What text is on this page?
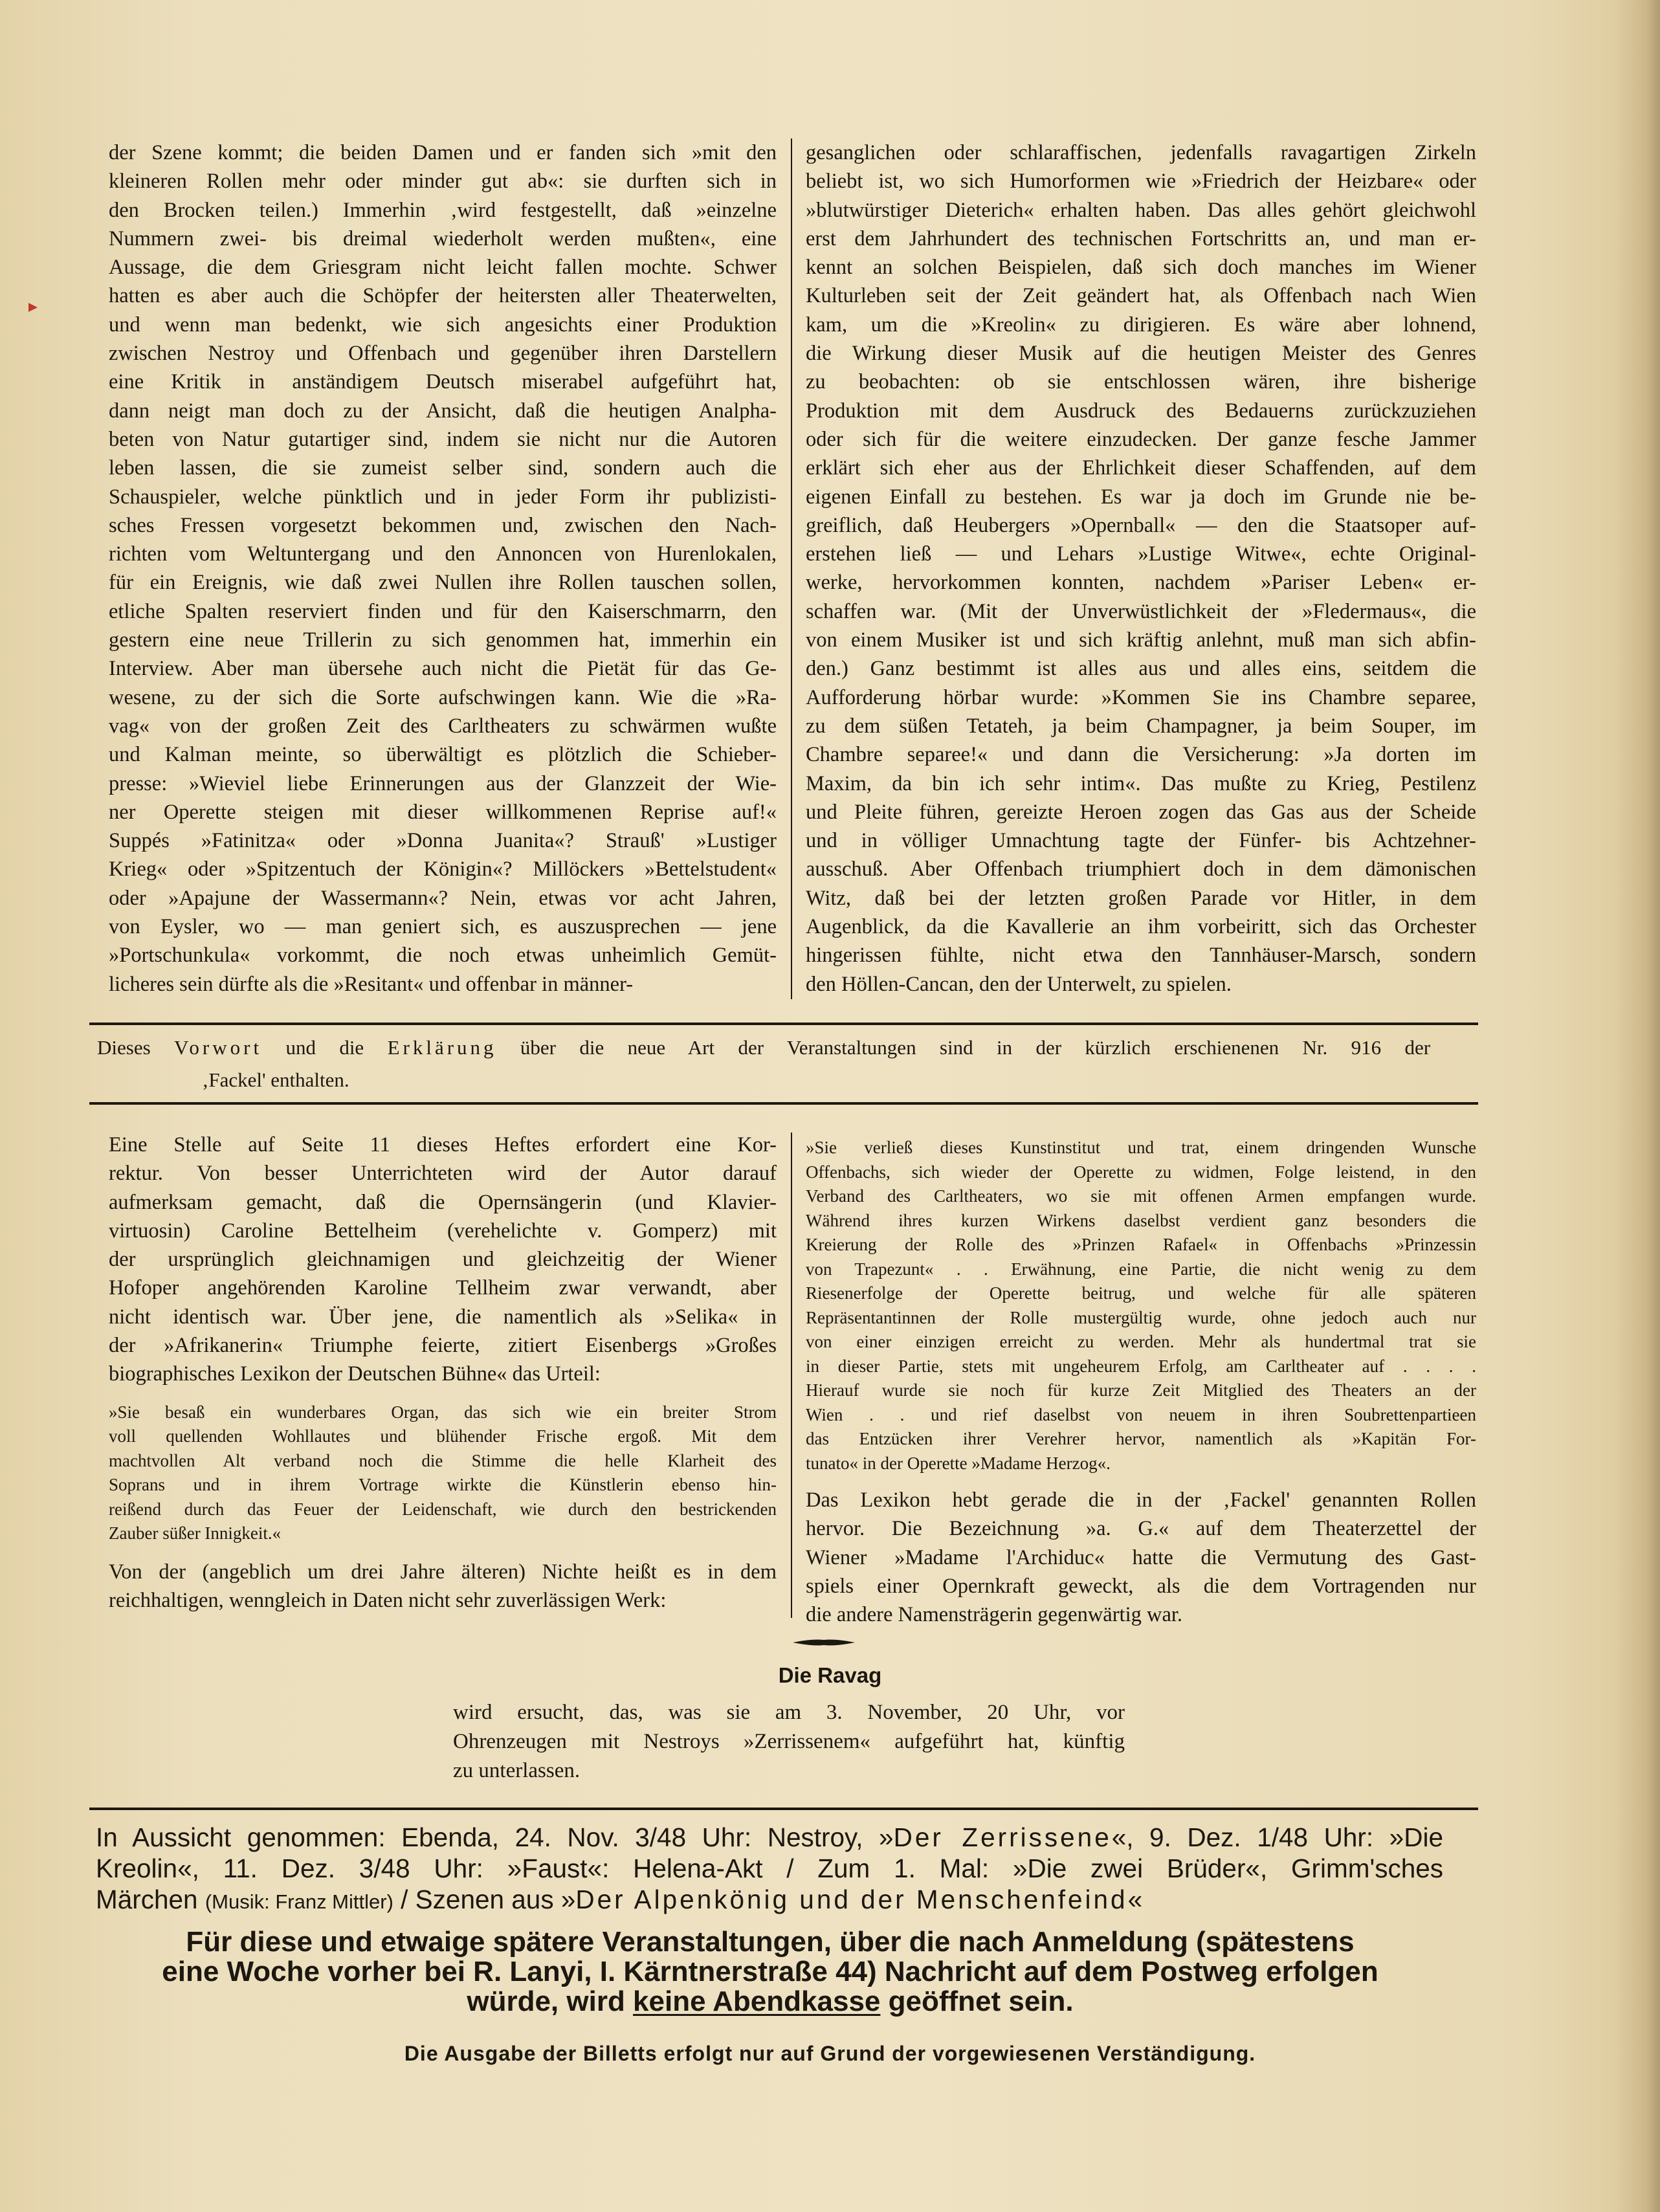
der Szene kommt; die beiden Damen und er fanden sich »mit den
kleineren Rollen mehr oder minder gut ab«: sie durften sich in
den Brocken teilen.) Immerhin ‚wird festgestellt, daß »einzelne
Nummern zwei- bis dreimal wiederholt werden mußten«, eine
Aussage, die dem Griesgram nicht leicht fallen mochte. Schwer
hatten es aber auch die Schöpfer der heitersten aller Theaterwelten,
und wenn man bedenkt, wie sich angesichts einer Produktion
zwischen Nestroy und Offenbach und gegenüber ihren Darstellern
eine Kritik in anständigem Deutsch miserabel aufgeführt hat,
dann neigt man doch zu der Ansicht, daß die heutigen Analpha-
beten von Natur gutartiger sind, indem sie nicht nur die Autoren
leben lassen, die sie zumeist selber sind, sondern auch die
Schauspieler, welche pünktlich und in jeder Form ihr publizisti-
sches Fressen vorgesetzt bekommen und, zwischen den Nach-
richten vom Weltuntergang und den Annoncen von Hurenlokalen,
für ein Ereignis, wie daß zwei Nullen ihre Rollen tauschen sollen,
etliche Spalten reserviert finden und für den Kaiserschmarrn, den
gestern eine neue Trillerin zu sich genommen hat, immerhin ein
Interview. Aber man übersehe auch nicht die Pietät für das Ge-
wesene, zu der sich die Sorte aufschwingen kann. Wie die »Ra-
vag« von der großen Zeit des Carltheaters zu schwärmen wußte
und Kalman meinte, so überwältigt es plötzlich die Schieber-
presse: »Wieviel liebe Erinnerungen aus der Glanzzeit der Wie-
ner Operette steigen mit dieser willkommenen Reprise auf!«
Suppés »Fatinitza« oder »Donna Juanita«? Strauß' »Lustiger
Krieg« oder »Spitzentuch der Königin«? Millöckers »Bettelstudent«
oder »Apajune der Wassermann«? Nein, etwas vor acht Jahren,
von Eysler, wo — man geniert sich, es auszusprechen — jene
»Portschunkula« vorkommt, die noch etwas unheimlich Gemüt-
licheres sein dürfte als die »Resitant« und offenbar in männer-
gesanglichen oder schlaraffischen, jedenfalls ravagartigen Zirkeln
beliebt ist, wo sich Humorformen wie »Friedrich der Heizbare« oder
»blutwürstiger Dieterich« erhalten haben. Das alles gehört gleichwohl
erst dem Jahrhundert des technischen Fortschritts an, und man er-
kennt an solchen Beispielen, daß sich doch manches im Wiener
Kulturleben seit der Zeit geändert hat, als Offenbach nach Wien
kam, um die »Kreolin« zu dirigieren. Es wäre aber lohnend,
die Wirkung dieser Musik auf die heutigen Meister des Genres
zu beobachten: ob sie entschlossen wären, ihre bisherige
Produktion mit dem Ausdruck des Bedauerns zurückzuziehen
oder sich für die weitere einzudecken. Der ganze fesche Jammer
erklärt sich eher aus der Ehrlichkeit dieser Schaffenden, auf dem
eigenen Einfall zu bestehen. Es war ja doch im Grunde nie be-
greiflich, daß Heubergers »Opernball« — den die Staatsoper auf-
erstehen ließ — und Lehars »Lustige Witwe«, echte Original-
werke, hervorkommen konnten, nachdem »Pariser Leben« er-
schaffen war. (Mit der Unverwüstlichkeit der »Fledermaus«, die
von einem Musiker ist und sich kräftig anlehnt, muß man sich abfin-
den.) Ganz bestimmt ist alles aus und alles eins, seitdem die
Aufforderung hörbar wurde: »Kommen Sie ins Chambre separee,
zu dem süßen Tetateh, ja beim Champagner, ja beim Souper, im
Chambre separee!« und dann die Versicherung: »Ja dorten im
Maxim, da bin ich sehr intim«. Das mußte zu Krieg, Pestilenz
und Pleite führen, gereizte Heroen zogen das Gas aus der Scheide
und in völliger Umnachtung tagte der Fünfer- bis Achtzehner-
ausschuß. Aber Offenbach triumphiert doch in dem dämonischen
Witz, daß bei der letzten großen Parade vor Hitler, in dem
Augenblick, da die Kavallerie an ihm vorbeiritt, sich das Orchester
hingerissen fühlte, nicht etwa den Tannhäuser-Marsch, sondern
den Höllen-Cancan, den der Unterwelt, zu spielen.
Dieses Vorwort und die Erklärung über die neue Art der Veranstaltungen sind in der kürzlich erschienenen Nr. 916 der
‚Fackel' enthalten.
Eine Stelle auf Seite 11 dieses Heftes erfordert eine Kor-
rektur. Von besser Unterrichteten wird der Autor darauf
aufmerksam gemacht, daß die Opernsängerin (und Klavier-
virtuosin) Caroline Bettelheim (verehelichte v. Gomperz) mit
der ursprünglich gleichnamigen und gleichzeitig der Wiener
Hofoper angehörenden Karoline Tellheim zwar verwandt, aber
nicht identisch war. Über jene, die namentlich als »Selika« in
der »Afrikanerin« Triumphe feierte, zitiert Eisenbergs »Großes
biographisches Lexikon der Deutschen Bühne« das Urteil:
»Sie besaß ein wunderbares Organ, das sich wie ein breiter Strom
voll quellenden Wohllautes und blühender Frische ergoß. Mit dem
machtvollen Alt verband noch die Stimme die helle Klarheit des
Soprans und in ihrem Vortrage wirkte die Künstlerin ebenso hin-
reißend durch das Feuer der Leidenschaft, wie durch den bestrickenden
Zauber süßer Innigkeit.«
Von der (angeblich um drei Jahre älteren) Nichte heißt es in dem
reichhaltigen, wenngleich in Daten nicht sehr zuverlässigen Werk:
»Sie verließ dieses Kunstinstitut und trat, einem dringenden Wunsche
Offenbachs, sich wieder der Operette zu widmen, Folge leistend, in den
Verband des Carltheaters, wo sie mit offenen Armen empfangen wurde.
Während ihres kurzen Wirkens daselbst verdient ganz besonders die
Kreierung der Rolle des »Prinzen Rafael« in Offenbachs »Prinzessin
von Trapezunt« . . Erwähnung, eine Partie, die nicht wenig zu dem
Riesenerfolge der Operette beitrug, und welche für alle späteren
Repräsentantinnen der Rolle mustergültig wurde, ohne jedoch auch nur
von einer einzigen erreicht zu werden. Mehr als hundertmal trat sie
in dieser Partie, stets mit ungeheurem Erfolg, am Carltheater auf . . . .
Hierauf wurde sie noch für kurze Zeit Mitglied des Theaters an der
Wien . . und rief daselbst von neuem in ihren Soubrettenpartieen
das Entzücken ihrer Verehrer hervor, namentlich als »Kapitän For-
tunato« in der Operette »Madame Herzog«.
Das Lexikon hebt gerade die in der ‚Fackel' genannten Rollen
hervor. Die Bezeichnung »a. G.« auf dem Theaterzettel der
Wiener »Madame l'Archiduc« hatte die Vermutung des Gast-
spiels einer Opernkraft geweckt, als die dem Vortragenden nur
die andere Namensträgerin gegenwärtig war.
Die Ravag
wird ersucht, das, was sie am 3. November, 20 Uhr, vor
Ohrenzeugen mit Nestroys »Zerrissenem« aufgeführt hat, künftig
zu unterlassen.
In Aussicht genommen: Ebenda, 24. Nov. 3/48 Uhr: Nestroy, »Der Zerrissene«, 9. Dez. 1/48 Uhr: »Die
Kreolin«, 11. Dez. 3/48 Uhr: »Faust«: Helena-Akt / Zum 1. Mal: »Die zwei Brüder«, Grimm'sches
Märchen (Musik: Franz Mittler) / Szenen aus »Der Alpenkönig und der Menschenfeind«
Für diese und etwaige spätere Veranstaltungen, über die nach Anmeldung (spätestens
eine Woche vorher bei R. Lanyi, I. Kärntnerstraße 44) Nachricht auf dem Postweg erfolgen
würde, wird keine Abendkasse geöffnet sein.
Die Ausgabe der Billetts erfolgt nur auf Grund der vorgewiesenen Verständigung.
